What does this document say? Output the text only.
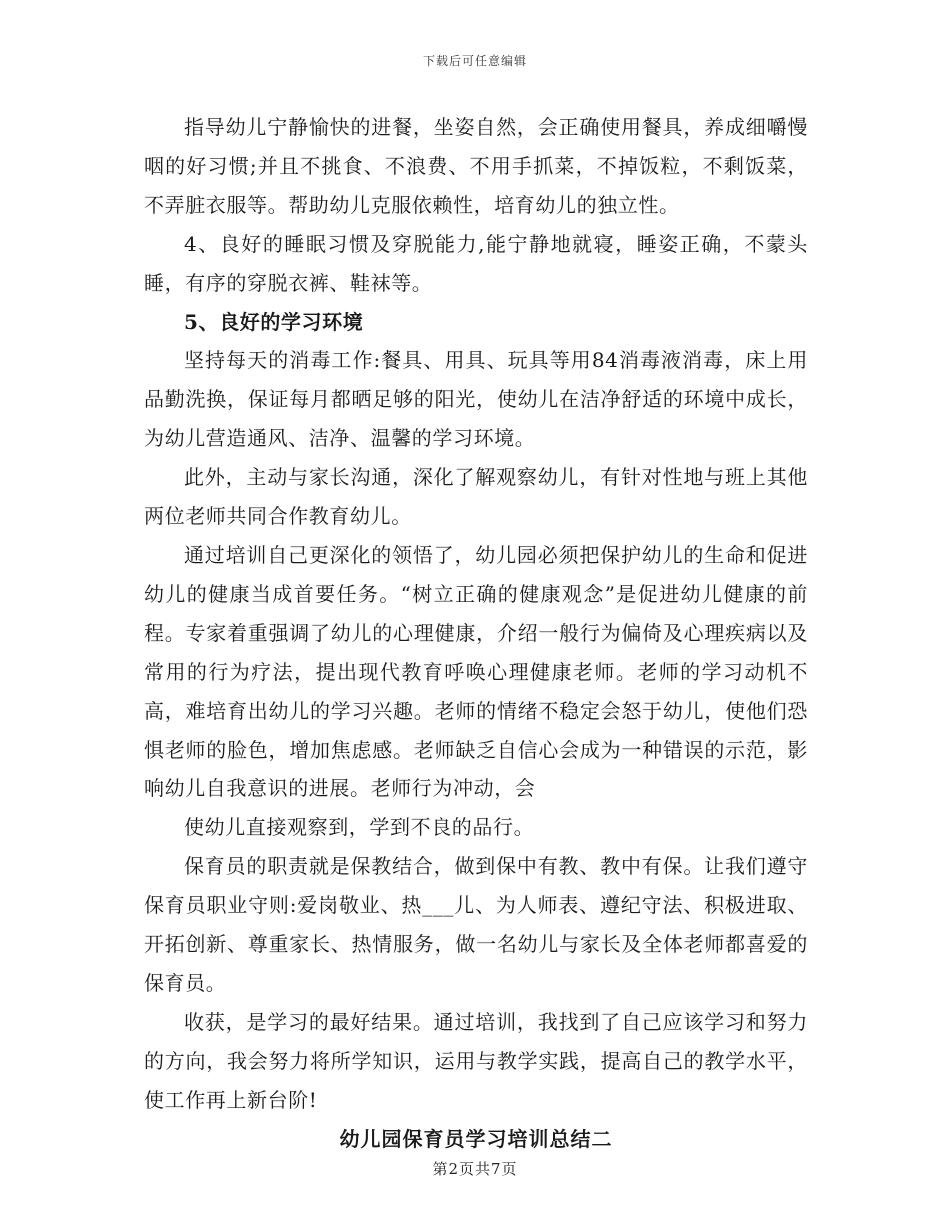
下载后可任意编辑

指导幼儿宁静愉快的进餐，坐姿自然，会正确使用餐具，养成细嚼慢咽的好习惯;并且不挑食、不浪费、不用手抓菜，不掉饭粒，不剩饭菜，不弄脏衣服等。帮助幼儿克服依赖性，培育幼儿的独立性。

4、良好的睡眠习惯及穿脱能力,能宁静地就寝，睡姿正确，不蒙头睡，有序的穿脱衣裤、鞋袜等。

5、良好的学习环境

坚持每天的消毒工作:餐具、用具、玩具等用84消毒液消毒，床上用品勤洗换，保证每月都晒足够的阳光，使幼儿在洁净舒适的环境中成长，为幼儿营造通风、洁净、温馨的学习环境。

此外，主动与家长沟通，深化了解观察幼儿，有针对性地与班上其他两位老师共同合作教育幼儿。

通过培训自己更深化的领悟了，幼儿园必须把保护幼儿的生命和促进幼儿的健康当成首要任务。“树立正确的健康观念”是促进幼儿健康的前程。专家着重强调了幼儿的心理健康，介绍一般行为偏倚及心理疾病以及常用的行为疗法，提出现代教育呼唤心理健康老师。老师的学习动机不高，难培育出幼儿的学习兴趣。老师的情绪不稳定会怒于幼儿，使他们恐惧老师的脸色，增加焦虑感。老师缺乏自信心会成为一种错误的示范，影响幼儿自我意识的进展。老师行为冲动，会

使幼儿直接观察到，学到不良的品行。

保育员的职责就是保教结合，做到保中有教、教中有保。让我们遵守保育员职业守则:爱岗敬业、热___儿、为人师表、遵纪守法、积极进取、开拓创新、尊重家长、热情服务，做一名幼儿与家长及全体老师都喜爱的保育员。

收获，是学习的最好结果。通过培训，我找到了自己应该学习和努力的方向，我会努力将所学知识，运用与教学实践，提高自己的教学水平，使工作再上新台阶!

幼儿园保育员学习培训总结二

第2页共7页
